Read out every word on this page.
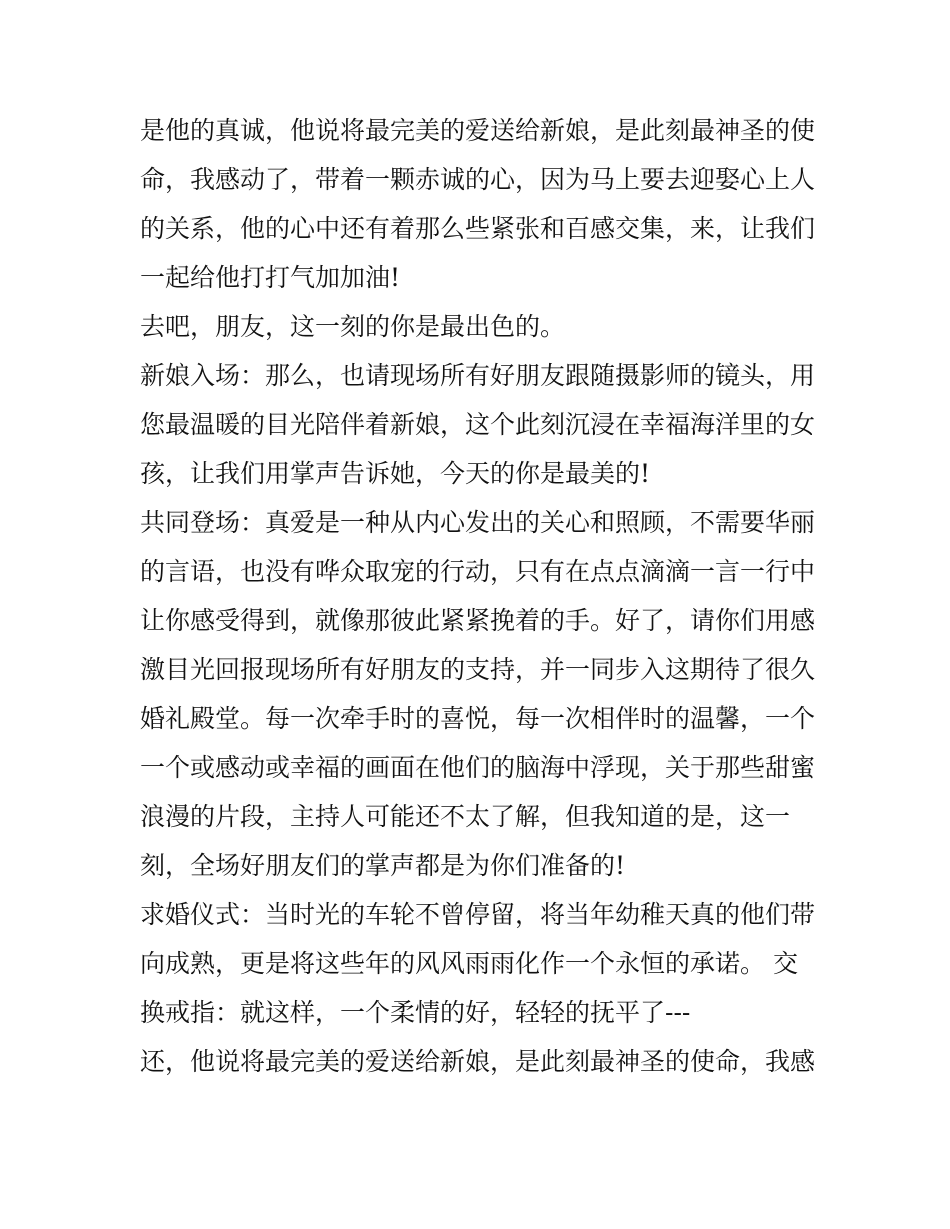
是他的真诚，他说将最完美的爱送给新娘，是此刻最神圣的使
命，我感动了，带着一颗赤诚的心，因为马上要去迎娶心上人
的关系，他的心中还有着那么些紧张和百感交集，来，让我们
一起给他打打气加加油!
去吧，朋友，这一刻的你是最出色的。
新娘入场：那么，也请现场所有好朋友跟随摄影师的镜头，用
您最温暖的目光陪伴着新娘，这个此刻沉浸在幸福海洋里的女
孩，让我们用掌声告诉她，今天的你是最美的!
共同登场：真爱是一种从内心发出的关心和照顾，不需要华丽
的言语，也没有哗众取宠的行动，只有在点点滴滴一言一行中
让你感受得到，就像那彼此紧紧挽着的手。好了，请你们用感
激目光回报现场所有好朋友的支持，并一同步入这期待了很久
婚礼殿堂。每一次牵手时的喜悦，每一次相伴时的温馨，一个
一个或感动或幸福的画面在他们的脑海中浮现，关于那些甜蜜
浪漫的片段，主持人可能还不太了解，但我知道的是，这一
刻，全场好朋友们的掌声都是为你们准备的!
求婚仪式：当时光的车轮不曾停留，将当年幼稚天真的他们带
向成熟，更是将这些年的风风雨雨化作一个永恒的承诺。 交
换戒指：就这样，一个柔情的好，轻轻的抚平了---
还，他说将最完美的爱送给新娘，是此刻最神圣的使命，我感
